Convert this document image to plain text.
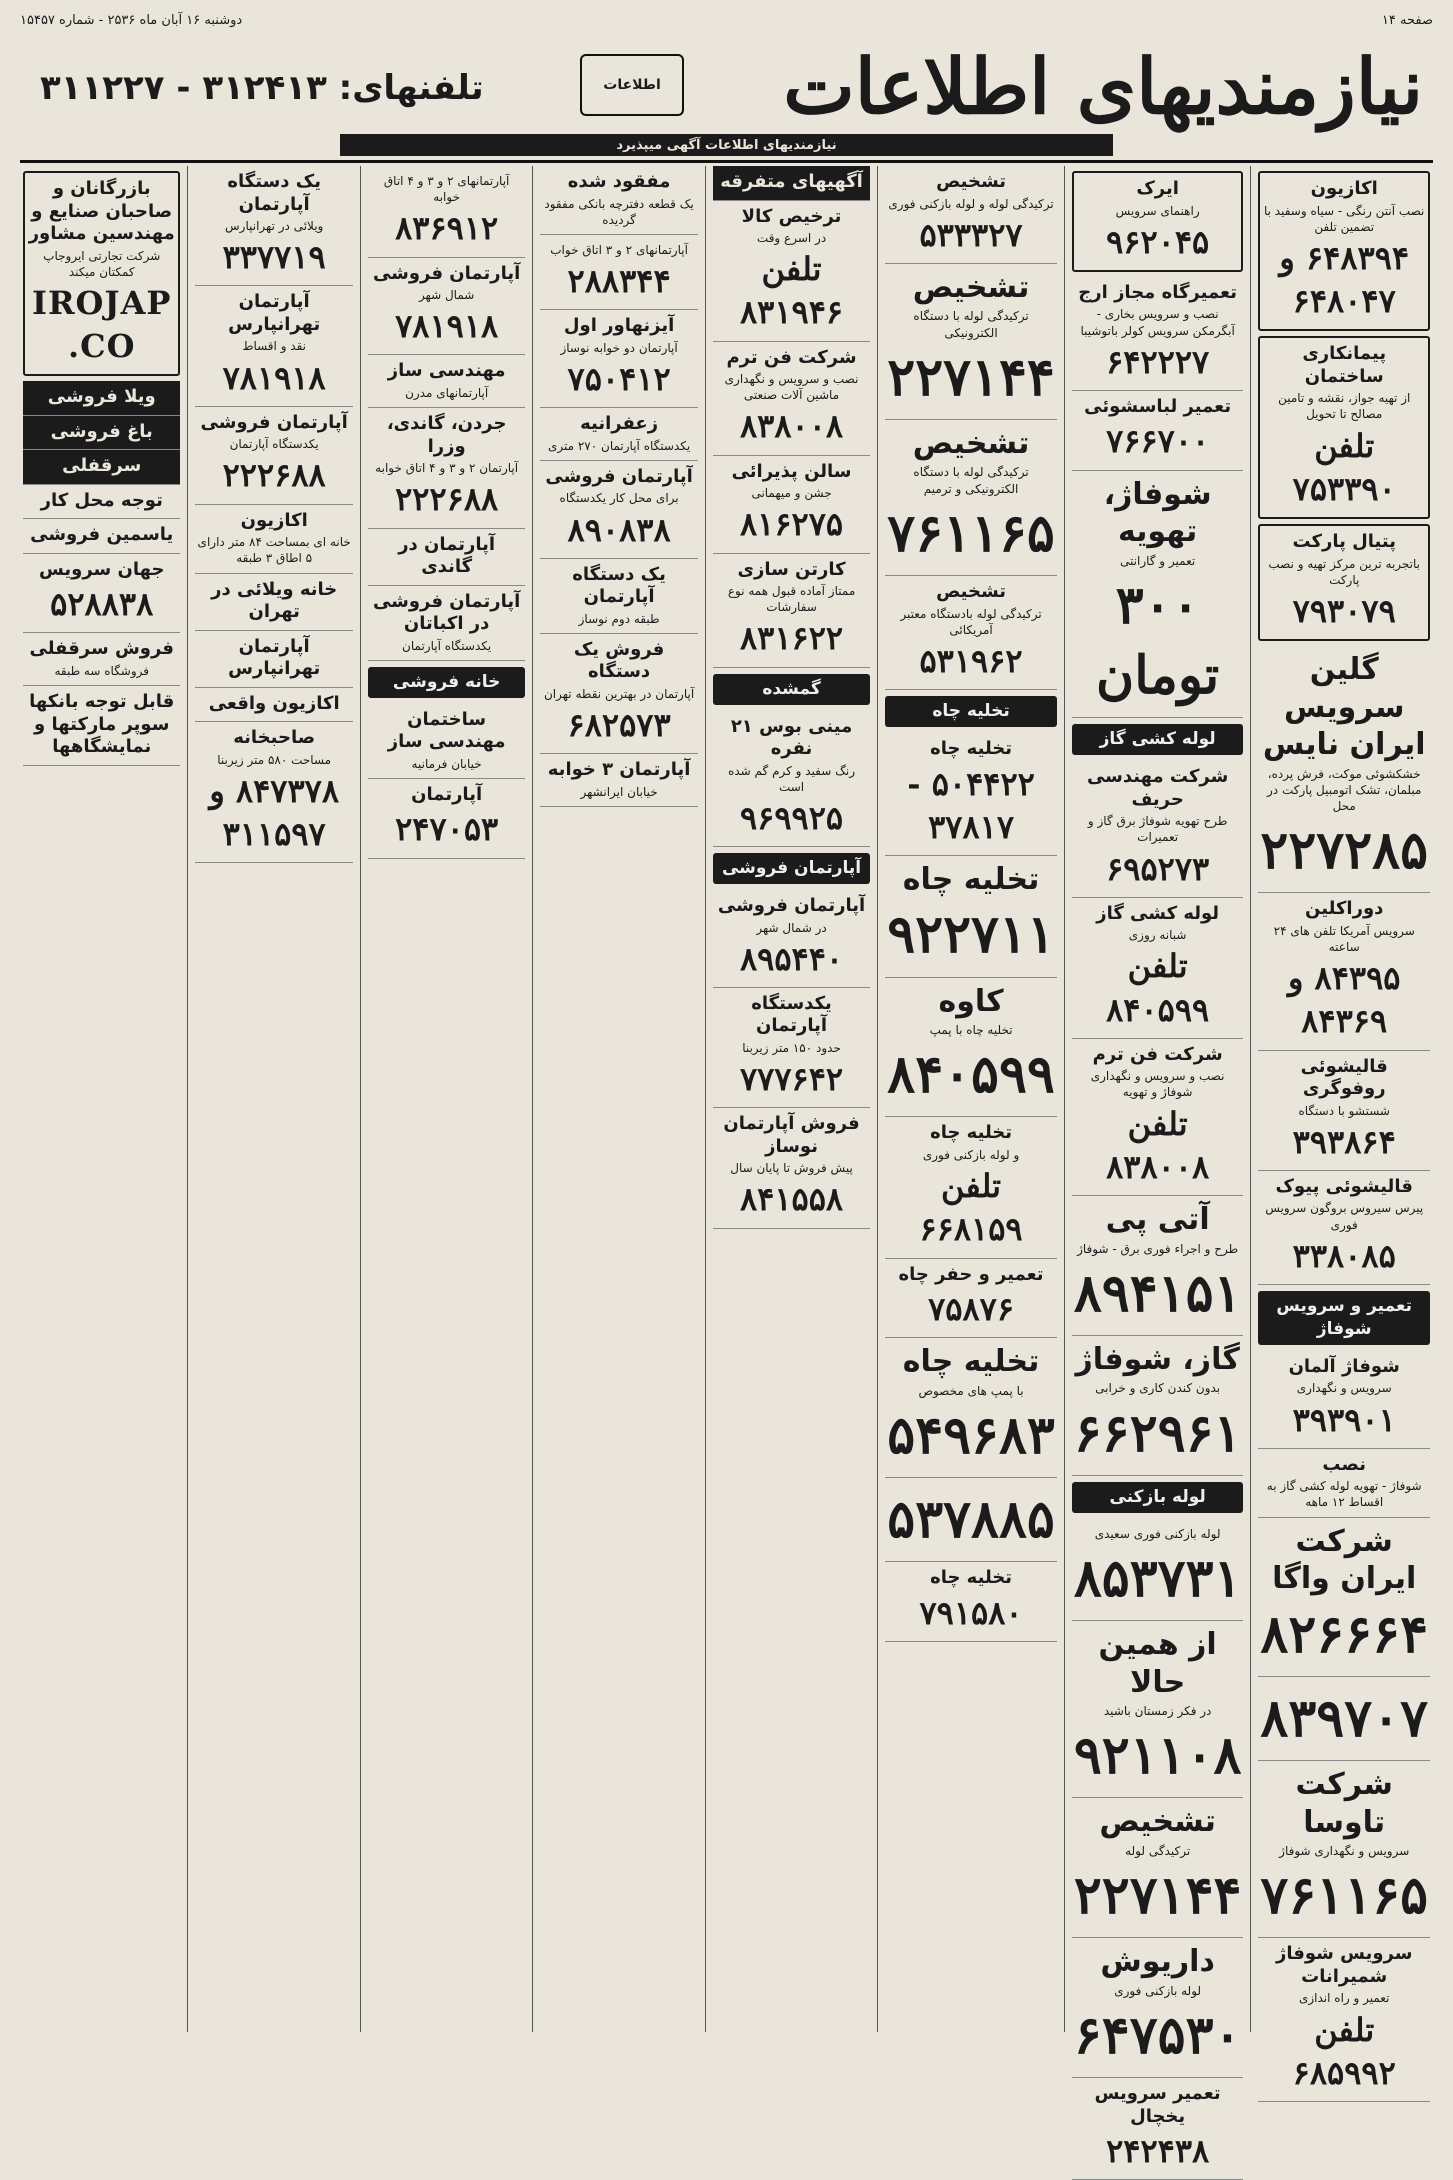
صفحه ۱۴
دوشنبه ۱۶ آبان ماه ۲۵۳۶ - شماره ۱۵۴۵۷
نیازمندیهای اطلاعات
اطلاعات
تلفنهای: ۳۱۲۴۱۳ - ۳۱۱۲۲۷
نیازمندیهای اطلاعات آگهی میپذیرد
اکازیون
نصب آنتن رنگی - سیاه وسفید با تضمین تلفن
۶۴۸۳۹۴ و ۶۴۸۰۴۷
پیمانکاری ساختمان
از تهیه جواز، نقشه و تامین مصالح تا تحویل
تلفن ۷۵۳۳۹۰
پتیال پارکت
باتجربه ترین مرکز تهیه و نصب پارکت
۷۹۳۰۷۹
گلین سرویس ایران نایس
خشکشوئی موکت، فرش پرده، مبلمان، تشک اتومبیل پارکت در محل
۲۲۷۲۸۵
دوراکلین
سرویس آمریکا تلفن های ۲۴ ساعته
۸۴۳۹۵ و ۸۴۳۶۹
قالیشوئی روفوگری
شستشو با دستگاه
۳۹۳۸۶۴
قالیشوئی پیوک
پیرس سیروس بروگون سرویس فوری
۳۳۸۰۸۵
تعمیر و سرویس شوفاژ
شوفاژ آلمان
سرویس و نگهداری
۳۹۳۹۰۱
نصب
شوفاژ - تهویه لوله کشی گاز به اقساط ۱۲ ماهه
شرکت ایران واگا
۸۲۶۶۶۴
۸۳۹۷۰۷
شرکت تاوسا
سرویس و نگهداری شوفاژ
۷۶۱۱۶۵
سرویس شوفاژ شمیرانات
تعمیر و راه اندازی
تلفن ۶۸۵۹۹۲
ایرک
راهنمای سرویس
۹۶۲۰۴۵
تعمیرگاه مجاز ارج
نصب و سرویس بخاری - آبگرمکن سرویس کولر باتوشیبا
۶۴۲۲۲۷
تعمیر لباسشوئی
۷۶۶۷۰۰
شوفاژ، تهویه
تعمیر و گارانتی
۳۰۰ تومان
لوله کشی گاز
شرکت مهندسی حریف
طرح تهویه شوفاژ برق گاز و تعمیرات
۶۹۵۲۷۳
لوله کشی گاز
شبانه روزی
تلفن ۸۴۰۵۹۹
شرکت فن ترم
نصب و سرویس و نگهداری شوفاژ و تهویه
تلفن ۸۳۸۰۰۸
آتی پی
طرح و اجراء فوری برق - شوفاژ
۸۹۴۱۵۱
گاز، شوفاژ
بدون کندن کاری و خرابی
۶۶۲۹۶۱
لوله بازکنی
لوله بازکنی فوری سعیدی
۸۵۳۷۳۱
از همین حالا
در فکر زمستان باشید
۹۲۱۱۰۸
تشخیص
ترکیدگی لوله
۲۲۷۱۴۴
داریوش
لوله بازکنی فوری
۶۴۷۵۳۰
تعمیر سرویس یخچال
۲۴۲۴۳۸
تشخیص
ترکیدگی لوله و لوله بازکنی فوری
۵۳۳۳۲۷
تشخیص
ترکیدگی لوله با دستگاه الکترونیکی
۲۲۷۱۴۴
تشخیص
ترکیدگی لوله با دستگاه الکترونیکی و ترمیم
۷۶۱۱۶۵
تشخیص
ترکیدگی لوله بادستگاه معتبر آمریکائی
۵۳۱۹۶۲
تخلیه چاه
تخلیه چاه
۵۰۴۴۲۲ - ۳۷۸۱۷
تخلیه چاه
۹۲۲۷۱۱
کاوه
تخلیه چاه با پمپ
۸۴۰۵۹۹
تخلیه چاه
و لوله بازکنی فوری
تلفن ۶۶۸۱۵۹
تعمیر و حفر چاه
۷۵۸۷۶
تخلیه چاه
با پمپ های مخصوص
۵۴۹۶۸۳
۵۳۷۸۸۵
تخلیه چاه
۷۹۱۵۸۰
آگهیهای متفرقه
ترخیص کالا
در اسرع وقت
تلفن ۸۳۱۹۴۶
شرکت فن ترم
نصب و سرویس و نگهداری ماشین آلات صنعتی
۸۳۸۰۰۸
سالن پذیرائی
جشن و میهمانی
۸۱۶۲۷۵
کارتن سازی
ممتاز آماده قبول همه نوع سفارشات
۸۳۱۶۲۲
گمشده
مینی بوس ۲۱ نفره
رنگ سفید و کرم گم شده است
۹۶۹۹۲۵
آپارتمان فروشی
آپارتمان فروشی
در شمال شهر
۸۹۵۴۴۰
یکدستگاه آپارتمان
حدود ۱۵۰ متر زیربنا
۷۷۷۶۴۲
فروش آپارتمان نوساز
پیش فروش تا پایان سال
۸۴۱۵۵۸
مفقود شده
یک قطعه دفترچه بانکی مفقود گردیده
آپارتمانهای ۲ و ۳ اتاق خواب
۲۸۸۳۴۴
آیزنهاور اول
آپارتمان دو خوابه نوساز
۷۵۰۴۱۲
زعفرانیه
یکدستگاه آپارتمان ۲۷۰ متری
آپارتمان فروشی
برای محل کار یکدستگاه
۸۹۰۸۳۸
یک دستگاه آپارتمان
طبقه دوم نوساز
فروش یک دستگاه
آپارتمان در بهترین نقطه تهران
۶۸۲۵۷۳
آپارتمان ۳ خوابه
خیابان ایرانشهر
آپارتمانهای ۲ و ۳ و ۴ اتاق خوابه
۸۳۶۹۱۲
آپارتمان فروشی
شمال شهر
۷۸۱۹۱۸
مهندسی ساز
آپارتمانهای مدرن
جردن، گاندی، وزرا
آپارتمان ۲ و ۳ و ۴ اتاق خوابه
۲۲۲۶۸۸
آپارتمان در گاندی
آپارتمان فروشی در اکباتان
یکدستگاه آپارتمان
خانه فروشی
ساختمان مهندسی ساز
خیابان فرمانیه
آپارتمان
۲۴۷۰۵۳
یک دستگاه آپارتمان
ویلائی در تهرانپارس
۳۳۷۷۱۹
آپارتمان تهرانپارس
نقد و اقساط
۷۸۱۹۱۸
آپارتمان فروشی
یکدستگاه آپارتمان
۲۲۲۶۸۸
اکازیون
خانه ای بمساحت ۸۴ متر دارای ۵ اطاق ۳ طبقه
خانه ویلائی در تهران
آپارتمان تهرانپارس
اکازیون واقعی
صاحبخانه
مساحت ۵۸۰ متر زیربنا
۸۴۷۳۷۸ و ۳۱۱۵۹۷
بازرگانان و صاحبان صنایع و مهندسین مشاور
شرکت تجارتی ایروجاپ کمکتان میکند
IROJAP CO.
ویلا فروشی
باغ فروشی
سرقفلی
توجه محل کار
یاسمین فروشی
جهان سرویس
۵۲۸۸۳۸
فروش سرقفلی
فروشگاه سه طبقه
قابل توجه بانکها سوپر مارکتها و نمایشگاهها
